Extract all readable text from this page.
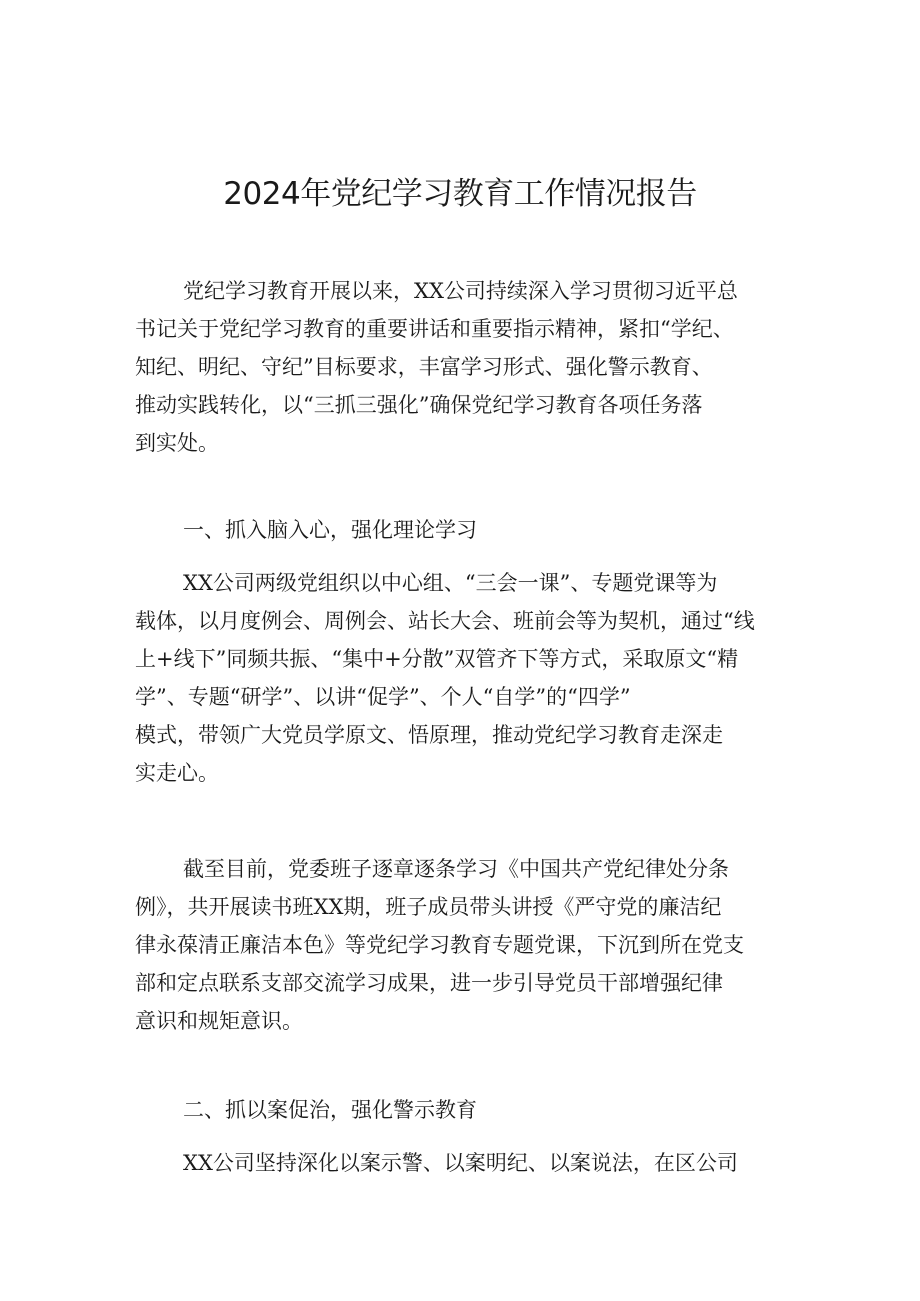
2024年党纪学习教育工作情况报告
党纪学习教育开展以来，XX公司持续深入学习贯彻习近平总
书记关于党纪学习教育的重要讲话和重要指示精神，紧扣“学纪、
知纪、明纪、守纪”目标要求，丰富学习形式、强化警示教育、
推动实践转化，以“三抓三强化”确保党纪学习教育各项任务落
到实处。
一、抓入脑入心，强化理论学习
XX公司两级党组织以中心组、“三会一课”、专题党课等为
载体，以月度例会、周例会、站长大会、班前会等为契机，通过“线
上+线下”同频共振、“集中+分散”双管齐下等方式，采取原文“精
学”、专题“研学”、以讲“促学”、个人“自学”的“四学”
模式，带领广大党员学原文、悟原理，推动党纪学习教育走深走
实走心。
截至目前，党委班子逐章逐条学习《中国共产党纪律处分条
例》，共开展读书班XX期，班子成员带头讲授《严守党的廉洁纪
律永葆清正廉洁本色》等党纪学习教育专题党课，下沉到所在党支
部和定点联系支部交流学习成果，进一步引导党员干部增强纪律
意识和规矩意识。
二、抓以案促治，强化警示教育
XX公司坚持深化以案示警、以案明纪、以案说法，在区公司
